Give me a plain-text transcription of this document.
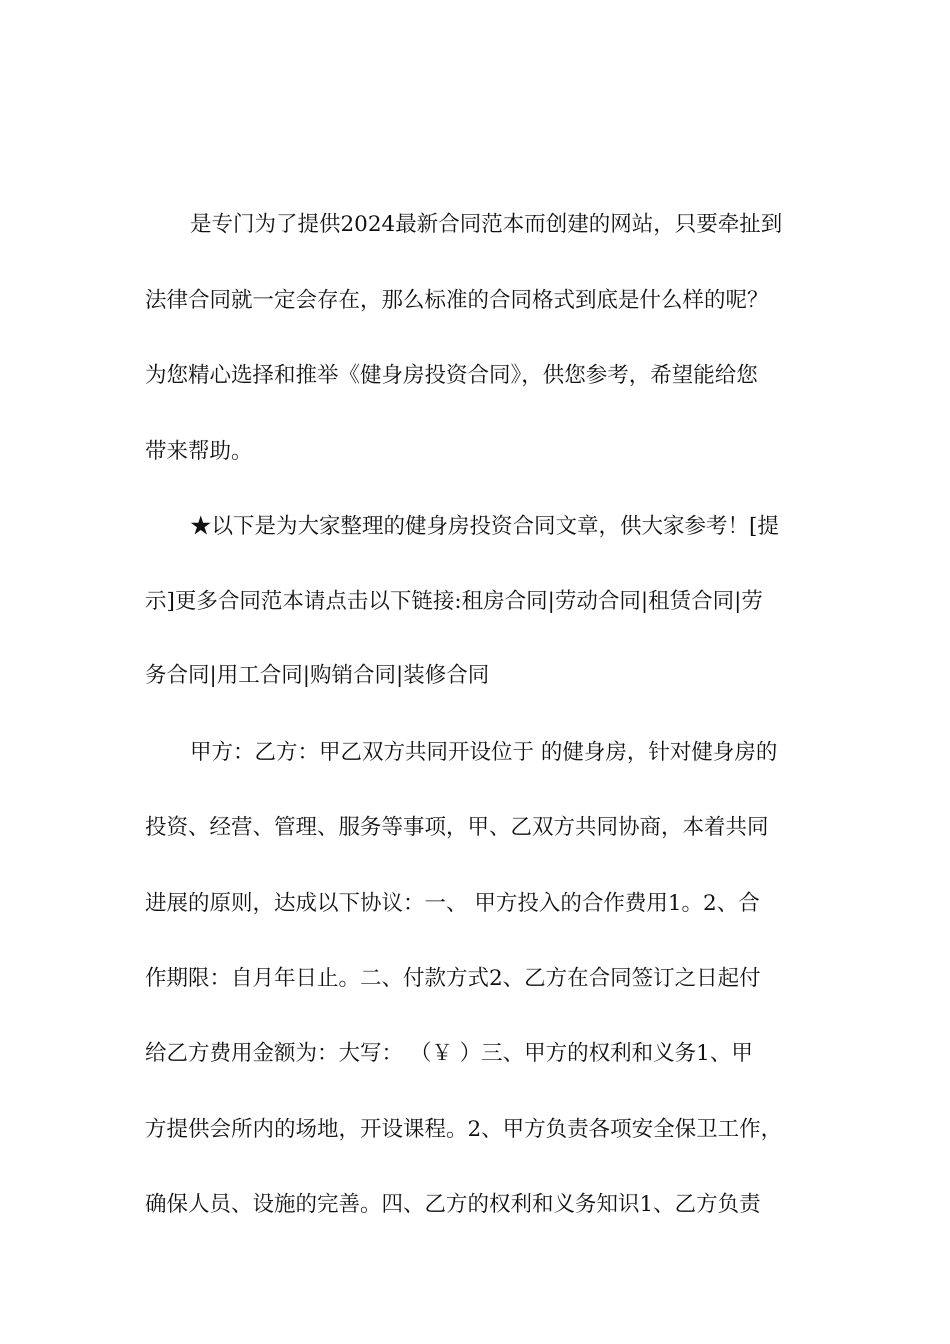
是专门为了提供2024最新合同范本而创建的网站，只要牵扯到
法律合同就一定会存在，那么标准的合同格式到底是什么样的呢？
为您精心选择和推举《健身房投资合同》，供您参考，希望能给您
带来帮助。
★以下是为大家整理的健身房投资合同文章，供大家参考！[提
示]更多合同范本请点击以下链接:租房合同|劳动合同|租赁合同|劳
务合同|用工合同|购销合同|装修合同
甲方：乙方：甲乙双方共同开设位于 的健身房，针对健身房的
投资、经营、管理、服务等事项，甲、乙双方共同协商，本着共同
进展的原则，达成以下协议：一、 甲方投入的合作费用1。2、合
作期限：自月年日止。二、付款方式2、乙方在合同签订之日起付
给乙方费用金额为：大写： （￥ ）三、甲方的权利和义务1、甲
方提供会所内的场地，开设课程。2、甲方负责各项安全保卫工作，
确保人员、设施的完善。四、乙方的权利和义务知识1、乙方负责
